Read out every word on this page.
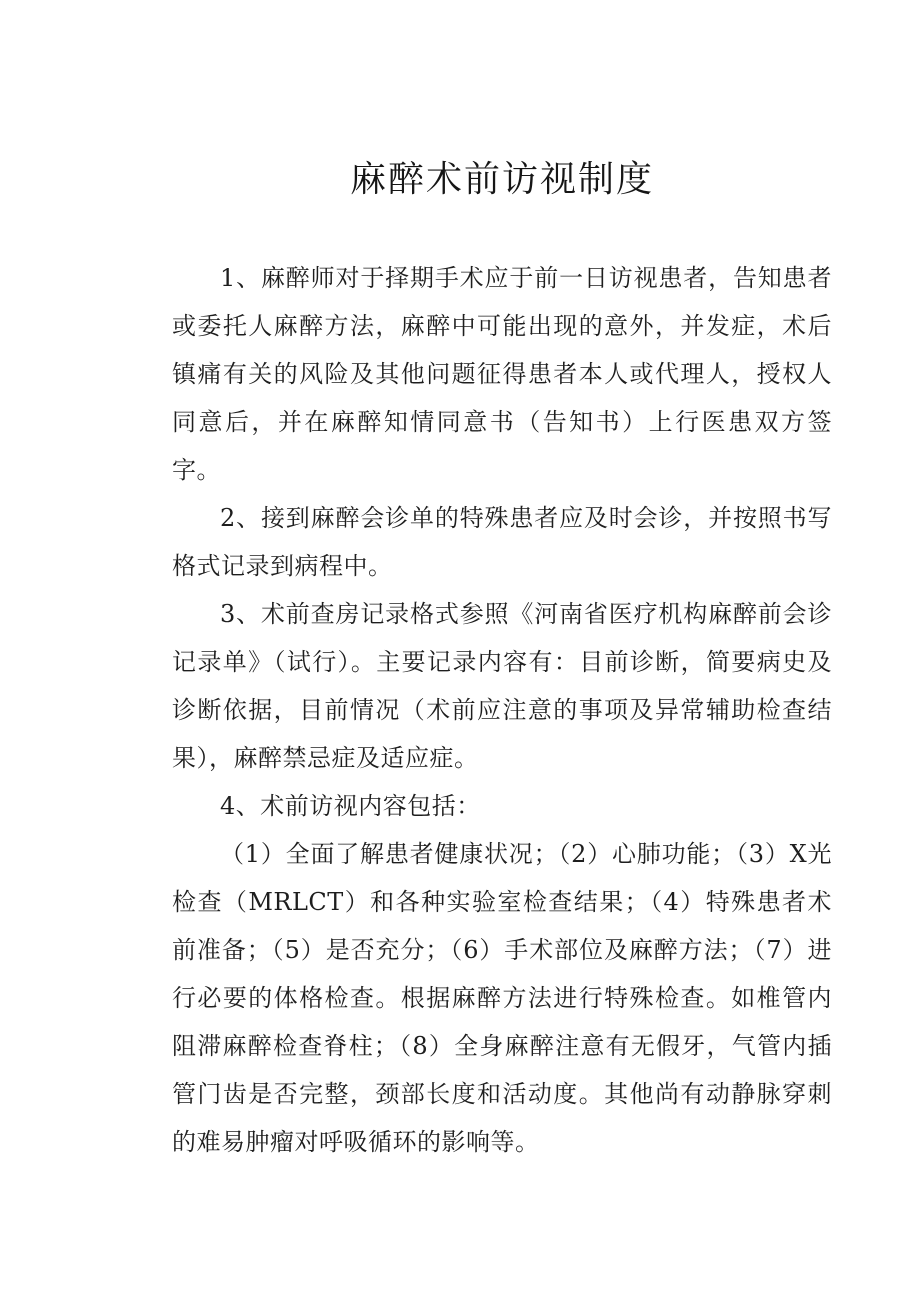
麻醉术前访视制度

1、麻醉师对于择期手术应于前一日访视患者，告知患者或委托人麻醉方法，麻醉中可能出现的意外，并发症，术后镇痛有关的风险及其他问题征得患者本人或代理人，授权人同意后，并在麻醉知情同意书（告知书）上行医患双方签字。

2、接到麻醉会诊单的特殊患者应及时会诊，并按照书写格式记录到病程中。

3、术前查房记录格式参照《河南省医疗机构麻醉前会诊记录单》（试行）。主要记录内容有：目前诊断，简要病史及诊断依据，目前情况（术前应注意的事项及异常辅助检查结果），麻醉禁忌症及适应症。

4、术前访视内容包括：

（1）全面了解患者健康状况；（2）心肺功能；（3）X光检查（MRLCT）和各种实验室检查结果；（4）特殊患者术前准备；（5）是否充分；（6）手术部位及麻醉方法；（7）进行必要的体格检查。根据麻醉方法进行特殊检查。如椎管内阻滞麻醉检查脊柱；（8）全身麻醉注意有无假牙，气管内插管门齿是否完整，颈部长度和活动度。其他尚有动静脉穿刺的难易肿瘤对呼吸循环的影响等。
